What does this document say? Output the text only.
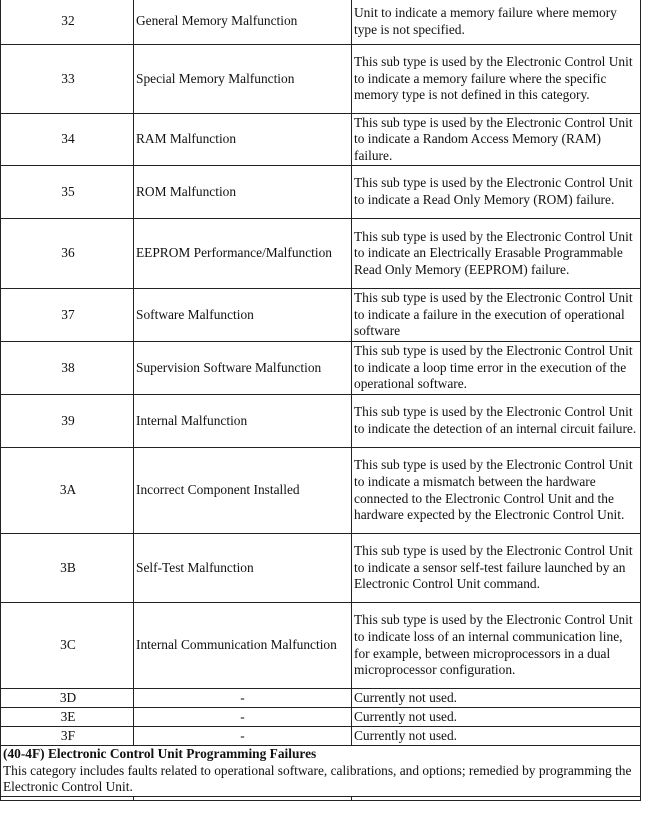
32	General Memory Malfunction	Unit to indicate a memory failure where memory type is not specified.
33	Special Memory Malfunction	This sub type is used by the Electronic Control Unit to indicate a memory failure where the specific memory type is not defined in this category.
34	RAM Malfunction	This sub type is used by the Electronic Control Unit to indicate a Random Access Memory (RAM) failure.
35	ROM Malfunction	This sub type is used by the Electronic Control Unit to indicate a Read Only Memory (ROM) failure.
36	EEPROM Performance/Malfunction	This sub type is used by the Electronic Control Unit to indicate an Electrically Erasable Programmable Read Only Memory (EEPROM) failure.
37	Software Malfunction	This sub type is used by the Electronic Control Unit to indicate a failure in the execution of operational software
38	Supervision Software Malfunction	This sub type is used by the Electronic Control Unit to indicate a loop time error in the execution of the operational software.
39	Internal Malfunction	This sub type is used by the Electronic Control Unit to indicate the detection of an internal circuit failure.
3A	Incorrect Component Installed	This sub type is used by the Electronic Control Unit to indicate a mismatch between the hardware connected to the Electronic Control Unit and the hardware expected by the Electronic Control Unit.
3B	Self-Test Malfunction	This sub type is used by the Electronic Control Unit to indicate a sensor self-test failure launched by an Electronic Control Unit command.
3C	Internal Communication Malfunction	This sub type is used by the Electronic Control Unit to indicate loss of an internal communication line, for example, between microprocessors in a dual microprocessor configuration.
3D	-	Currently not used.
3E	-	Currently not used.
3F	-	Currently not used.

(40-4F) Electronic Control Unit Programming Failures
This category includes faults related to operational software, calibrations, and options; remedied by programming the Electronic Control Unit.		
